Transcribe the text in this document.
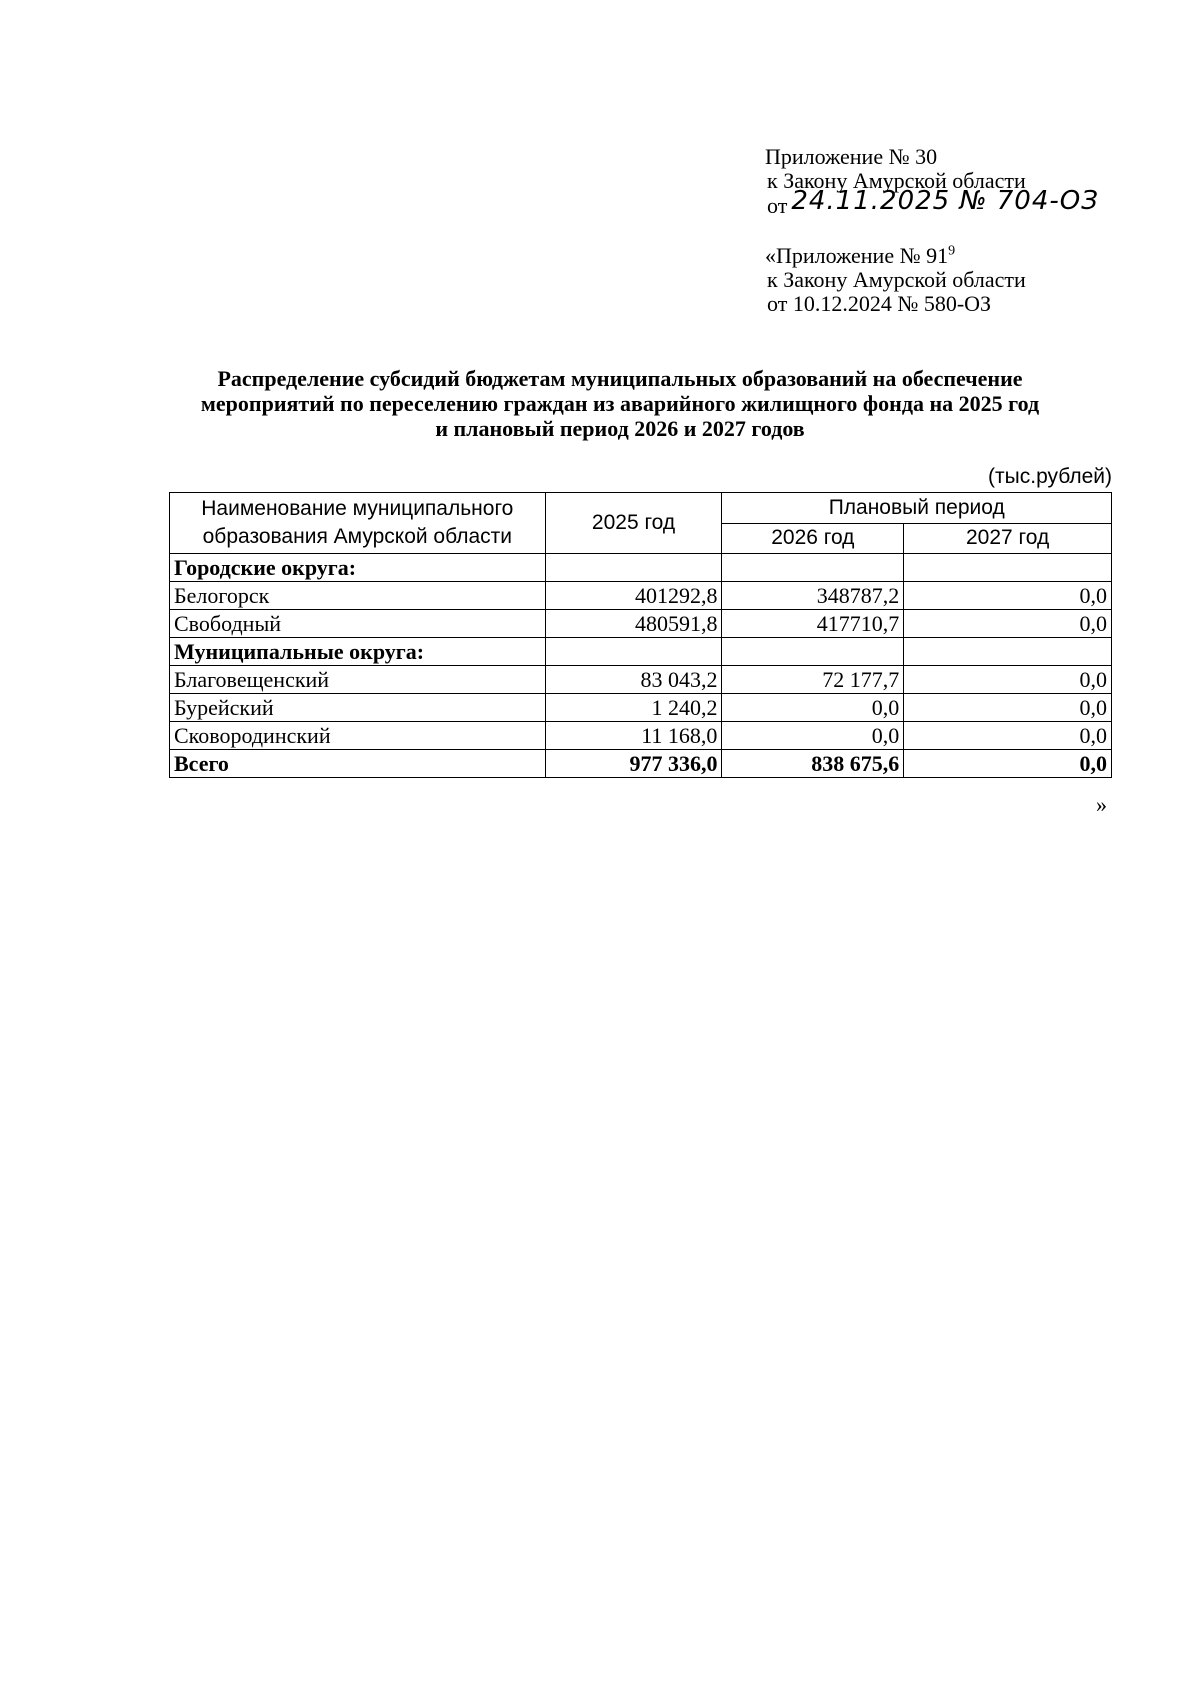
Приложение № 30
к Закону Амурской области
от 24.11.2025 № 704-ОЗ
«Приложение № $91^9$
к Закону Амурской области
от 10.12.2024 № 580-ОЗ
Распределение субсидий бюджетам муниципальных образований на обеспечение
мероприятий по переселению граждан из аварийного жилищного фонда на 2025 год
и плановый период 2026 и 2027 годов
(тыс.рублей)
Наименование муниципального
образования Амурской области	2025 год	Плановый период	
		2026 год	2027 год
Городские округа:			
Белогорск	401292,8	348787,2	0,0
Свободный	480591,8	417710,7	0,0
Муниципальные округа:			
Благовещенский	83 043,2	72 177,7	0,0
Бурейский	1 240,2	0,0	0,0
Сковородинский	11 168,0	0,0	0,0
Всего	977 336,0	838 675,6	0,0
»
